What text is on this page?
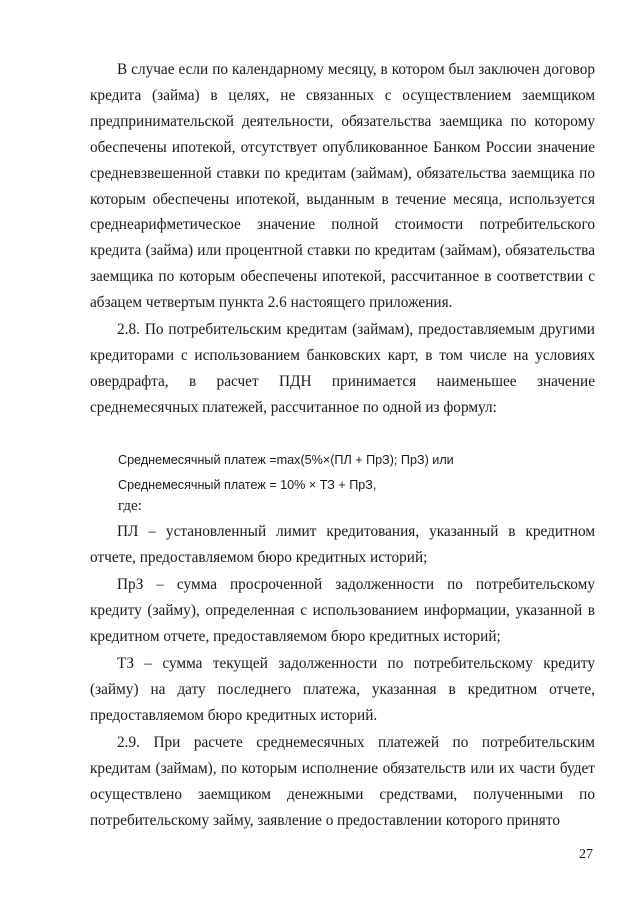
В случае если по календарному месяцу, в котором был заключен договор кредита (займа) в целях, не связанных с осуществлением заемщиком предпринимательской деятельности, обязательства заемщика по которому обеспечены ипотекой, отсутствует опубликованное Банком России значение средневзвешенной ставки по кредитам (займам), обязательства заемщика по которым обеспечены ипотекой, выданным в течение месяца, используется среднеарифметическое значение полной стоимости потребительского кредита (займа) или процентной ставки по кредитам (займам), обязательства заемщика по которым обеспечены ипотекой, рассчитанное в соответствии с абзацем четвертым пункта 2.6 настоящего приложения.

2.8. По потребительским кредитам (займам), предоставляемым другими кредиторами с использованием банковских карт, в том числе на условиях овердрафта, в расчет ПДН принимается наименьшее значение среднемесячных платежей, рассчитанное по одной из формул:

Среднемесячный платеж =max(5%×(ПЛ + ПрЗ); ПрЗ) или

Среднемесячный платеж = 10% × ТЗ + ПрЗ,

где:

ПЛ – установленный лимит кредитования, указанный в кредитном отчете, предоставляемом бюро кредитных историй;

ПрЗ – сумма просроченной задолженности по потребительскому кредиту (займу), определенная с использованием информации, указанной в кредитном отчете, предоставляемом бюро кредитных историй;

ТЗ – сумма текущей задолженности по потребительскому кредиту (займу) на дату последнего платежа, указанная в кредитном отчете, предоставляемом бюро кредитных историй.

2.9. При расчете среднемесячных платежей по потребительским кредитам (займам), по которым исполнение обязательств или их части будет осуществлено заемщиком денежными средствами, полученными по потребительскому займу, заявление о предоставлении которого принято

27
